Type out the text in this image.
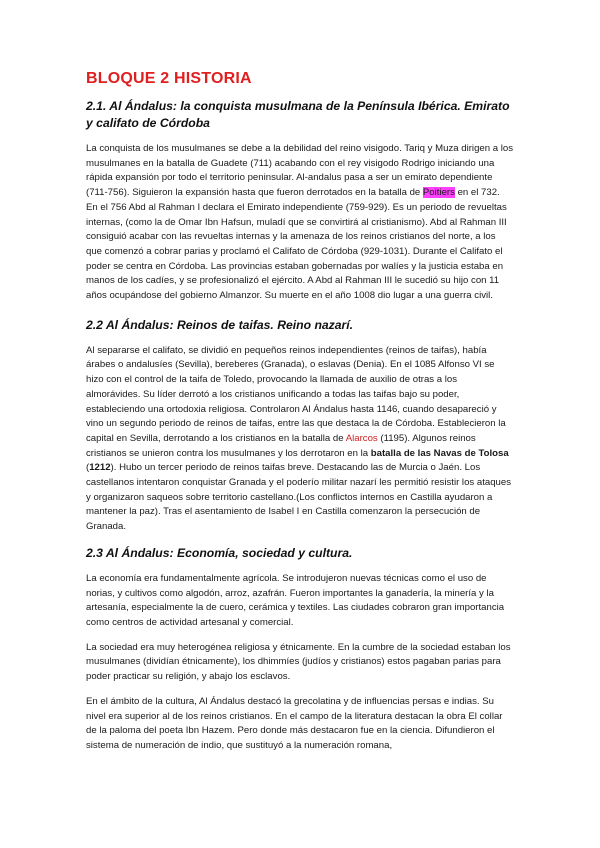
BLOQUE 2 HISTORIA
2.1. Al Ándalus: la conquista musulmana de la Península Ibérica. Emirato y califato de Córdoba

La conquista de los musulmanes se debe a la debilidad del reino visigodo. Tariq y Muza dirigen a los musulmanes en la batalla de Guadete (711) acabando con el rey visigodo Rodrigo iniciando una rápida expansión por todo el territorio peninsular. Al-andalus pasa a ser un emirato dependiente (711-756). Siguieron la expansión hasta que fueron derrotados en la batalla de Poitiers en el 732. En el 756 Abd al Rahman I declara el Emirato independiente (759-929). Es un periodo de revueltas internas, (como la de Omar Ibn Hafsun, muladí que se convirtirá al cristianismo). Abd al Rahman III consiguió acabar con las revueltas internas y la amenaza de los reinos cristianos del norte, a los que comenzó a cobrar parias y proclamó el Califato de Córdoba (929-1031). Durante el Califato el poder se centra en Córdoba. Las provincias estaban gobernadas por walíes y la justicia estaba en manos de los cadíes, y se profesionalizó el ejército. A Abd al Rahman III le sucedió su hijo con 11 años ocupándose del gobierno Almanzor. Su muerte en el año 1008 dio lugar a una guerra civil.

2.2 Al Ándalus: Reinos de taifas. Reino nazarí.

Al separarse el califato, se dividió en pequeños reinos independientes (reinos de taifas), había árabes o andalusíes (Sevilla), bereberes (Granada), o eslavas (Denia). En el 1085 Alfonso VI se hizo con el control de la taifa de Toledo, provocando la llamada de auxilio de otras a los almorávides. Su líder derrotó a los cristianos unificando a todas las taifas bajo su poder, estableciendo una ortodoxia religiosa. Controlaron Al Ándalus hasta 1146, cuando desapareció y vino un segundo periodo de reinos de taifas, entre las que destaca la de Córdoba. Establecieron la capital en Sevilla, derrotando a los cristianos en la batalla de Alarcos (1195). Algunos reinos cristianos se unieron contra los musulmanes y los derrotaron en la batalla de las Navas de Tolosa (1212). Hubo un tercer periodo de reinos taifas breve. Destacando las de Murcia o Jaén. Los castellanos intentaron conquistar Granada y el poderío militar nazarí les permitió resistir los ataques y organizaron saqueos sobre territorio castellano.(Los conflictos internos en Castilla ayudaron a mantener la paz). Tras el asentamiento de Isabel I en Castilla comenzaron la persecución de Granada.

2.3 Al Ándalus: Economía, sociedad y cultura.

La economía era fundamentalmente agrícola. Se introdujeron nuevas técnicas como el uso de norias, y cultivos como algodón, arroz, azafrán. Fueron importantes la ganadería, la minería y la artesanía, especialmente la de cuero, cerámica y textiles. Las ciudades cobraron gran importancia como centros de actividad artesanal y comercial.

La sociedad era muy heterogénea religiosa y étnicamente. En la cumbre de la sociedad estaban los musulmanes (dividían étnicamente), los dhimmíes (judíos y cristianos) estos pagaban parias para poder practicar su religión, y abajo los esclavos.

En el ámbito de la cultura, Al Ándalus destacó la grecolatina y de influencias persas e indias. Su nivel era superior al de los reinos cristianos. En el campo de la literatura destacan la obra El collar de la paloma del poeta Ibn Hazem. Pero donde más destacaron fue en la ciencia. Difundieron el sistema de numeración de indio, que sustituyó a la numeración romana,
